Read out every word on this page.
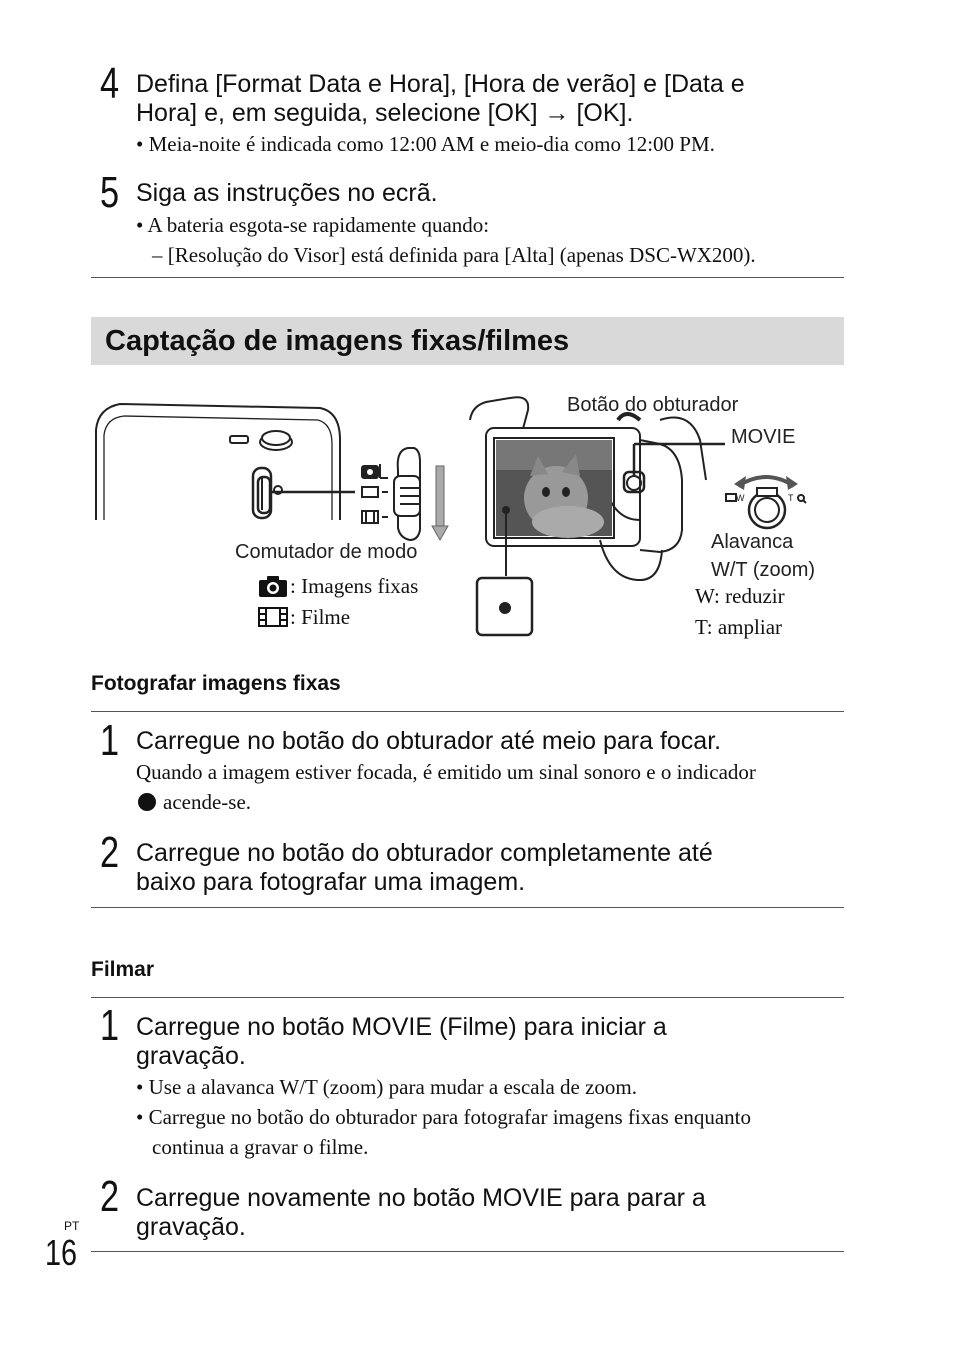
4 Defina [Format Data e Hora], [Hora de verão] e [Data e
Hora] e, em seguida, selecione [OK] → [OK].
• Meia-noite é indicada como 12:00 AM e meio-dia como 12:00 PM.
5 Siga as instruções no ecrã.
• A bateria esgota-se rapidamente quando:
– [Resolução do Visor] está definida para [Alta] (apenas DSC-WX200).
Captação de imagens fixas/filmes
W	T
Botão do obturador
MOVIE
Alavanca
W/T (zoom)
W: reduzir
T: ampliar
Comutador de modo
: Imagens fixas
: Filme
Fotografar imagens fixas
1 Carregue no botão do obturador até meio para focar.
Quando a imagem estiver focada, é emitido um sinal sonoro e o indicador
acende-se.
2 Carregue no botão do obturador completamente até
baixo para fotografar uma imagem.
Filmar
1 Carregue no botão MOVIE (Filme) para iniciar a
gravação.
• Use a alavanca W/T (zoom) para mudar a escala de zoom.
• Carregue no botão do obturador para fotografar imagens fixas enquanto
continua a gravar o filme.
2 Carregue novamente no botão MOVIE para parar a
gravação.
PT
16
